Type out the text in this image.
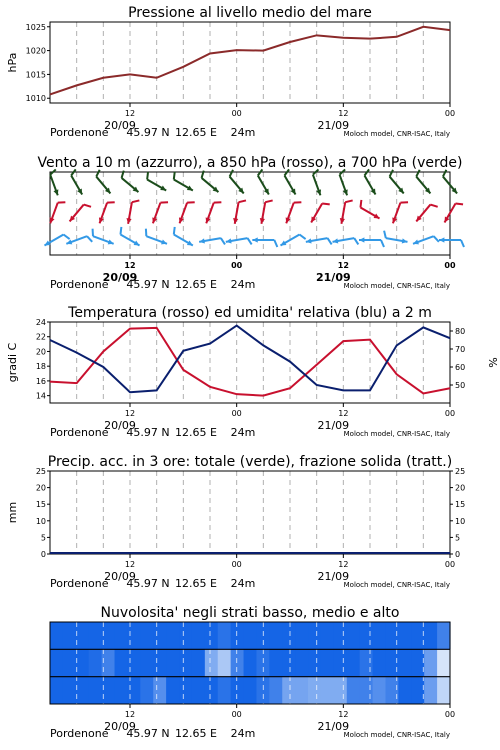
Pressione al livello medio del mare
12
20/09
00	12
21/09
00
Pordenone 45.97 N 12.65 E 24m	Moloch model, CNR-ISAC, Italy
1010
1015
1020
1025
hPa
Vento a 10 m (azzurro), a 850 hPa (rosso), a 700 hPa (verde)
12
20/09
00	12
21/09
00
Pordenone 45.97 N 12.65 E 24m	Moloch model, CNR-ISAC, Italy
Temperatura (rosso) ed umidita' relativa (blu) a 2 m
12
20/09
00	12
21/09
00
Pordenone 45.97 N 12.65 E 24m	Moloch model, CNR-ISAC, Italy
14
16
18
20
22
24
50
60
70
80
gradi C	%
Precip. acc. in 3 ore: totale (verde), frazione solida (tratt.)
12
20/09
00	12
21/09
00
Pordenone 45.97 N 12.65 E 24m	Moloch model, CNR-ISAC, Italy
0
5
10
15
20
25
0
5
10
15
20
25
mm
Nuvolosita' negli strati basso, medio e alto
12
20/09
00	12
21/09
00
Pordenone 45.97 N 12.65 E 24m	Moloch model, CNR-ISAC, Italy
